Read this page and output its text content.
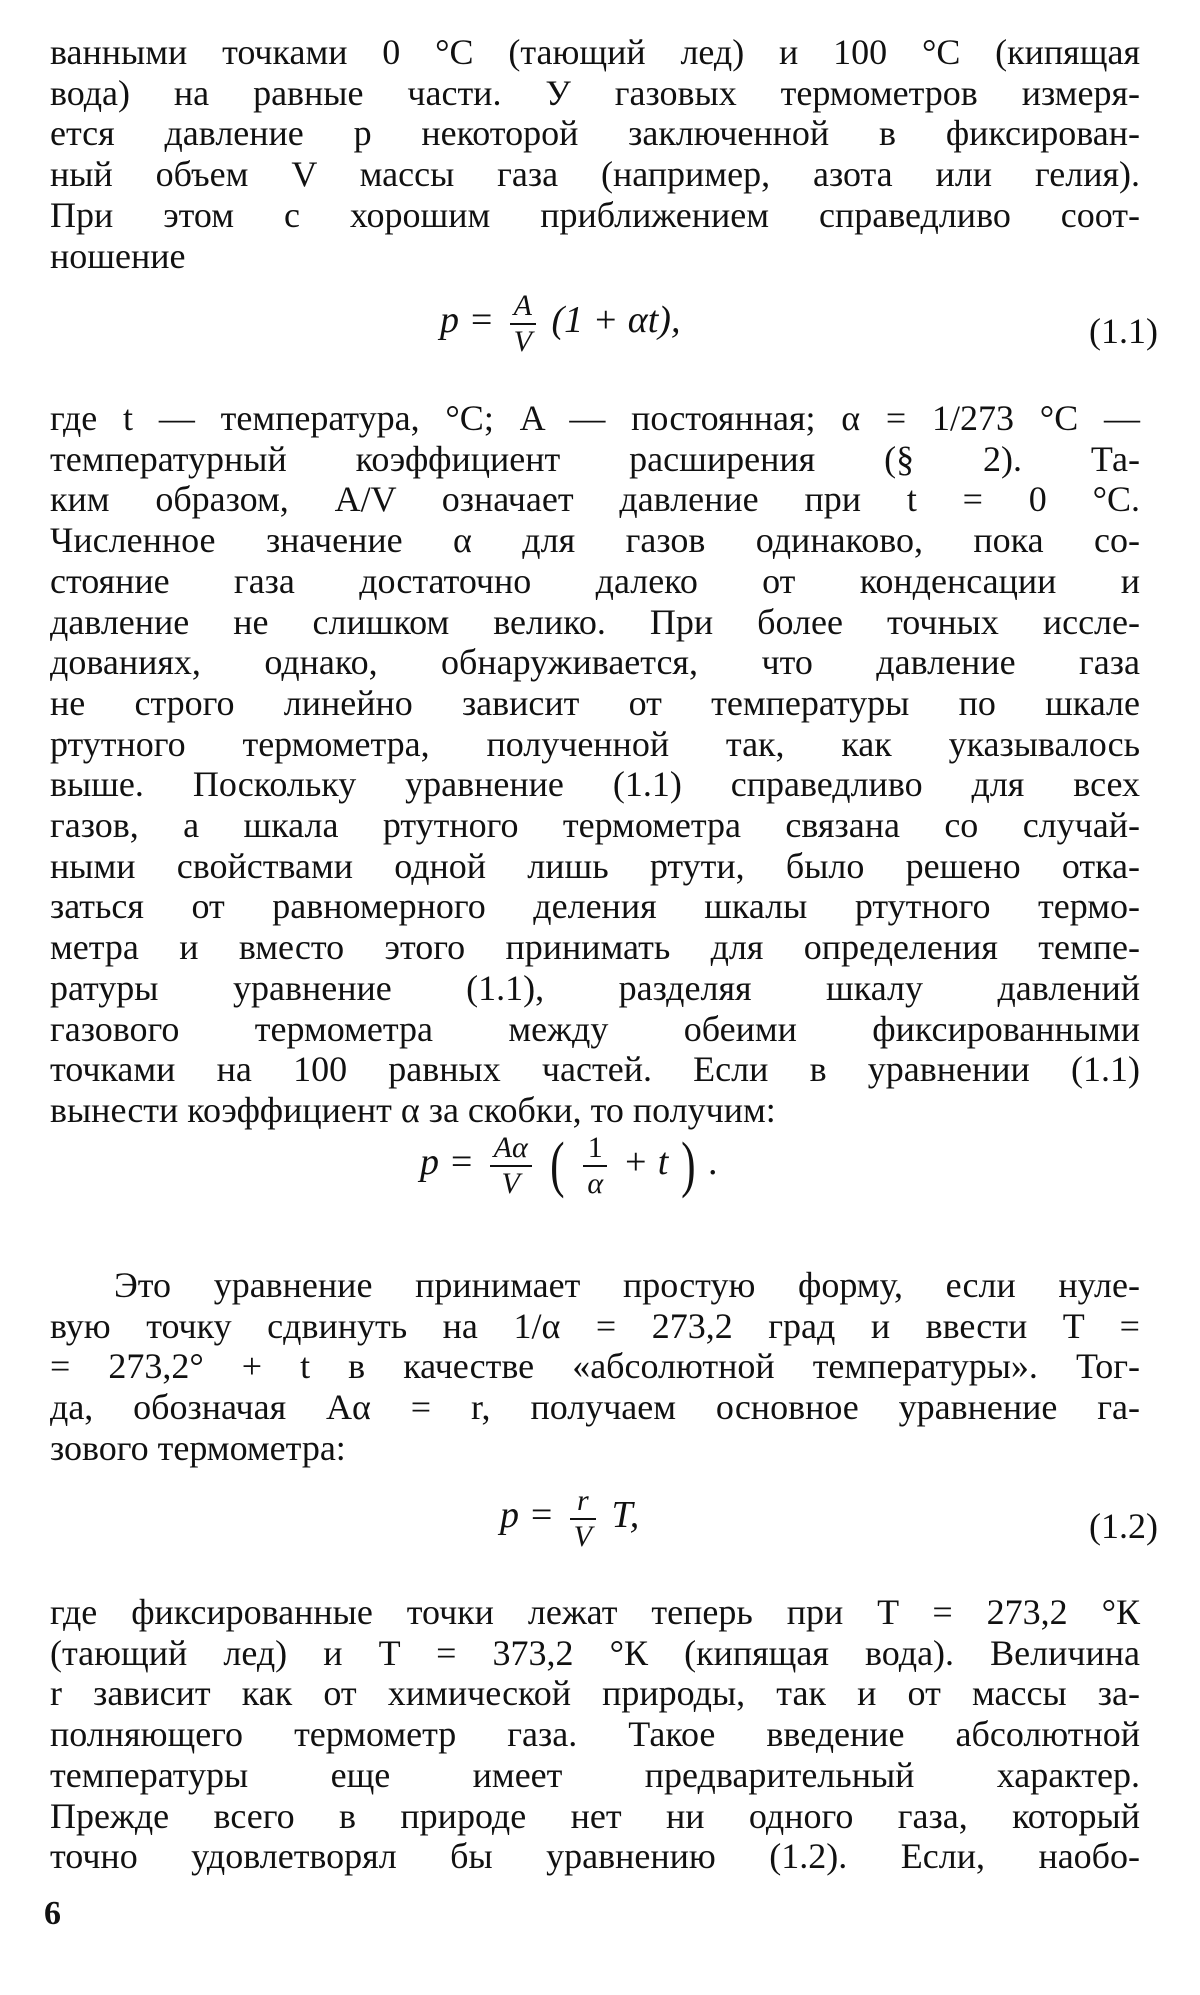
ванными точками 0 °С (тающий лед) и 100 °С (кипящая
вода) на равные части. У газовых термометров измеря-
ется давление p некоторой заключенной в фиксирован-
ный объем V массы газа (например, азота или гелия).
При этом с хорошим приближением справедливо соот-
ношение
$p = \frac{A}{V} (1 + \alpha t)$,	(1.1)
где t — температура, °С; A — постоянная; α = 1/273 °С —
температурный коэффициент расширения (§ 2). Та-
ким образом, A/V означает давление при t = 0 °С.
Численное значение α для газов одинаково, пока со-
стояние газа достаточно далеко от конденсации и
давление не слишком велико. При более точных иссле-
дованиях, однако, обнаруживается, что давление газа
не строго линейно зависит от температуры по шкале
ртутного термометра, полученной так, как указывалось
выше. Поскольку уравнение (1.1) справедливо для всех
газов, а шкала ртутного термометра связана со случай-
ными свойствами одной лишь ртути, было решено отка-
заться от равномерного деления шкалы ртутного термо-
метра и вместо этого принимать для определения темпе-
ратуры уравнение (1.1), разделяя шкалу давлений
газового термометра между обеими фиксированными
точками на 100 равных частей. Если в уравнении (1.1)
вынести коэффициент α за скобки, то получим:
$p = \frac{A\alpha}{V}$ ( $\frac{1}{\alpha} + t$ ) .
Это уравнение принимает простую форму, если нуле-
вую точку сдвинуть на 1/α = 273,2 град и ввести T =
= 273,2° + t в качестве «абсолютной температуры». Тог-
да, обозначая Aα = r, получаем основное уравнение га-
зового термометра:
$p = \frac{r}{V} T$,	(1.2)
где фиксированные точки лежат теперь при T = 273,2 °К
(тающий лед) и T = 373,2 °К (кипящая вода). Величина
r зависит как от химической природы, так и от массы за-
полняющего термометр газа. Такое введение абсолютной
температуры еще имеет предварительный характер.
Прежде всего в природе нет ни одного газа, который
точно удовлетворял бы уравнению (1.2). Если, наобо-
6
